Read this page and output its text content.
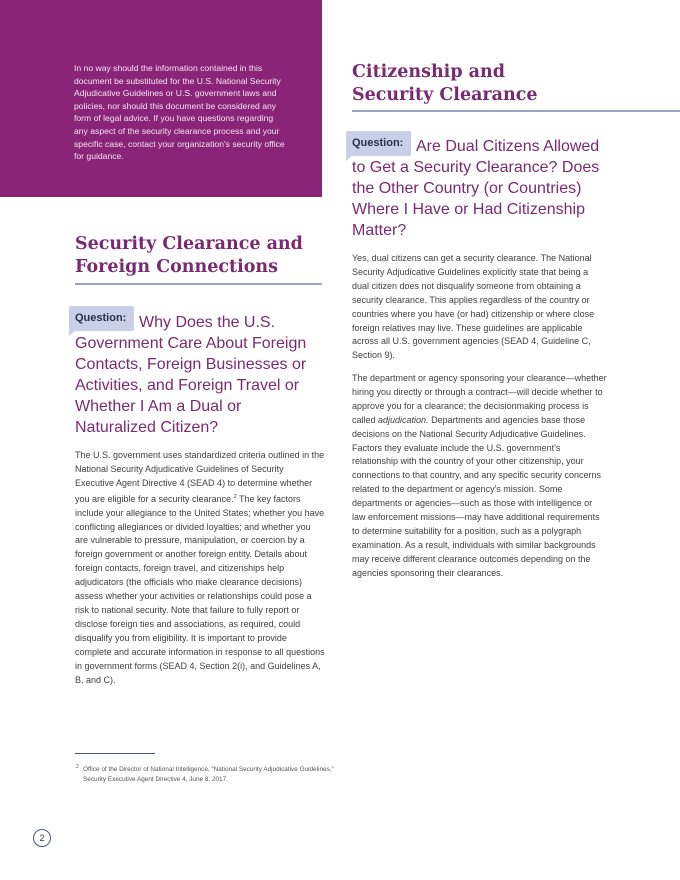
In no way should the information contained in this document be substituted for the U.S. National Security Adjudicative Guidelines or U.S. government laws and policies, nor should this document be considered any form of legal advice. If you have questions regarding any aspect of the security clearance process and your specific case, contact your organization's security office for guidance.
Security Clearance and
Foreign Connections
Question: Why Does the U.S. Government Care About Foreign Contacts, Foreign Businesses or Activities, and Foreign Travel or Whether I Am a Dual or Naturalized Citizen?

The U.S. government uses standardized criteria outlined in the National Security Adjudicative Guidelines of Security Executive Agent Directive 4 (SEAD 4) to determine whether you are eligible for a security clearance.$^2$ The key factors include your allegiance to the United States; whether you have conflicting allegiances or divided loyalties; and whether you are vulnerable to pressure, manipulation, or coercion by a foreign government or another foreign entity. Details about foreign contacts, foreign travel, and citizenships help adjudicators (the officials who make clearance decisions) assess whether your activities or relationships could pose a risk to national security. Note that failure to fully report or disclose foreign ties and associations, as required, could disqualify you from eligibility. It is important to provide complete and accurate information in response to all questions in government forms (SEAD 4, Section 2(i), and Guidelines A, B, and C).

Citizenship and
Security Clearance
Question: Are Dual Citizens Allowed to Get a Security Clearance? Does the Other Country (or Countries) Where I Have or Had Citizenship Matter?

Yes, dual citizens can get a security clearance. The National Security Adjudicative Guidelines explicitly state that being a dual citizen does not disqualify someone from obtaining a security clearance. This applies regardless of the country or countries where you have (or had) citizenship or where close foreign relatives may live. These guidelines are applicable across all U.S. government agencies (SEAD 4, Guideline C, Section 9).

The department or agency sponsoring your clearance—whether hiring you directly or through a contract—will decide whether to approve you for a clearance; the decisionmaking process is called adjudication. Departments and agencies base those decisions on the National Security Adjudicative Guidelines. Factors they evaluate include the U.S. government's relationship with the country of your other citizenship, your connections to that country, and any specific security concerns related to the department or agency's mission. Some departments or agencies—such as those with intelligence or law enforcement missions—may have additional requirements to determine suitability for a position, such as a polygraph examination. As a result, individuals with similar backgrounds may receive different clearance outcomes depending on the agencies sponsoring their clearances.

2 Office of the Director of National Intelligence, “National Security Adjudicative Guidelines,” Security Executive Agent Directive 4, June 8, 2017.
2
